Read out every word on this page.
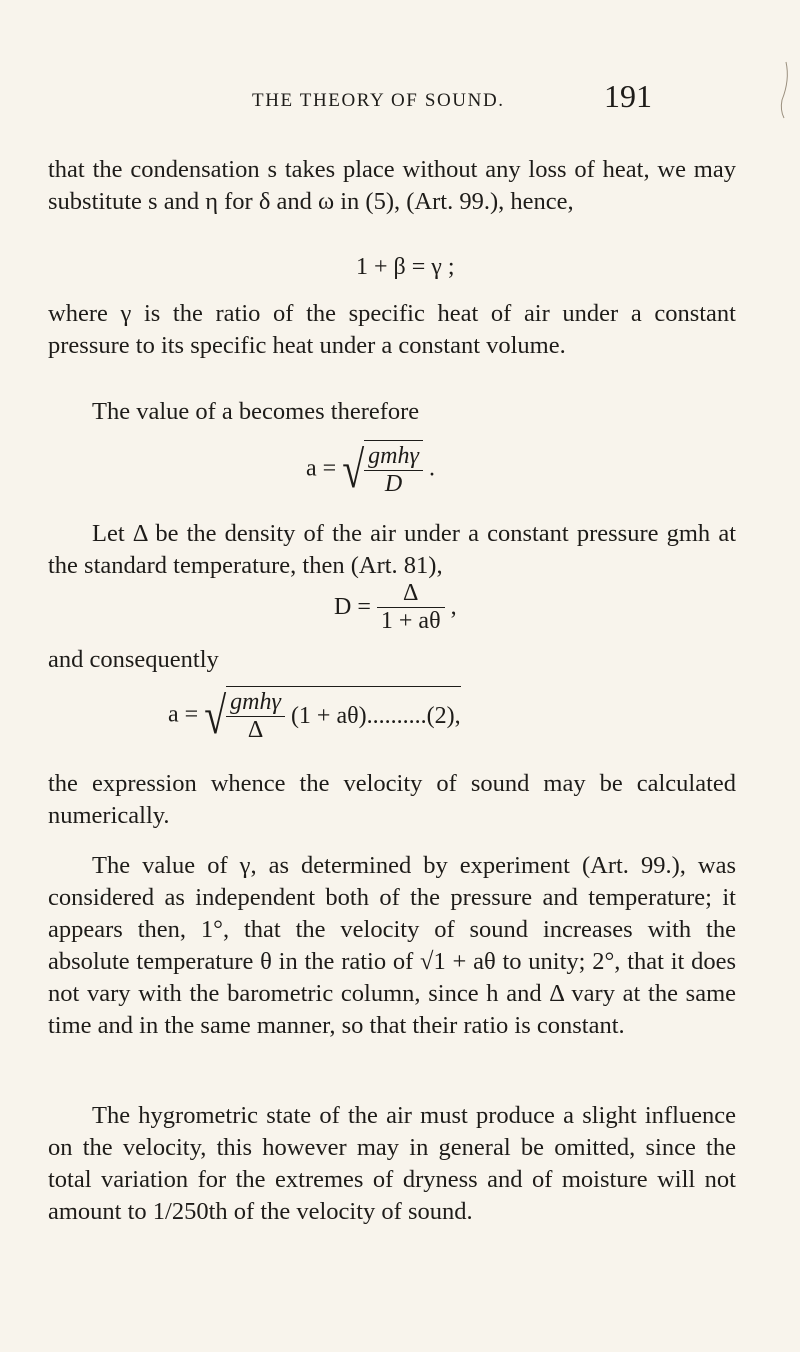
THE THEORY OF SOUND.	191

that the condensation s takes place without any loss of heat, we may substitute s and η for δ and ω in (5), (Art. 99.), hence,

1 + β = γ ;

where γ is the ratio of the specific heat of air under a constant pressure to its specific heat under a constant volume.

The value of a becomes therefore

a = √ $\frac{\text{gmhγ}}{D}$ .

Let Δ be the density of the air under a constant pressure gmh at the standard temperature, then (Art. 81),

$D = \frac{\Delta}{1 + a\theta}$ ,

and consequently

a = √ $\frac{\text{gmhγ}}{\Delta} (1 + a\theta)..........(2)$,

the expression whence the velocity of sound may be calculated numerically.

The value of γ, as determined by experiment (Art. 99.), was considered as independent both of the pressure and temperature; it appears then, 1°, that the velocity of sound increases with the absolute temperature θ in the ratio of √1 + aθ to unity; 2°, that it does not vary with the barometric column, since h and Δ vary at the same time and in the same manner, so that their ratio is constant.

The hygrometric state of the air must produce a slight influence on the velocity, this however may in general be omitted, since the total variation for the extremes of dryness and of moisture will not amount to 1/250th of the velocity of sound.
